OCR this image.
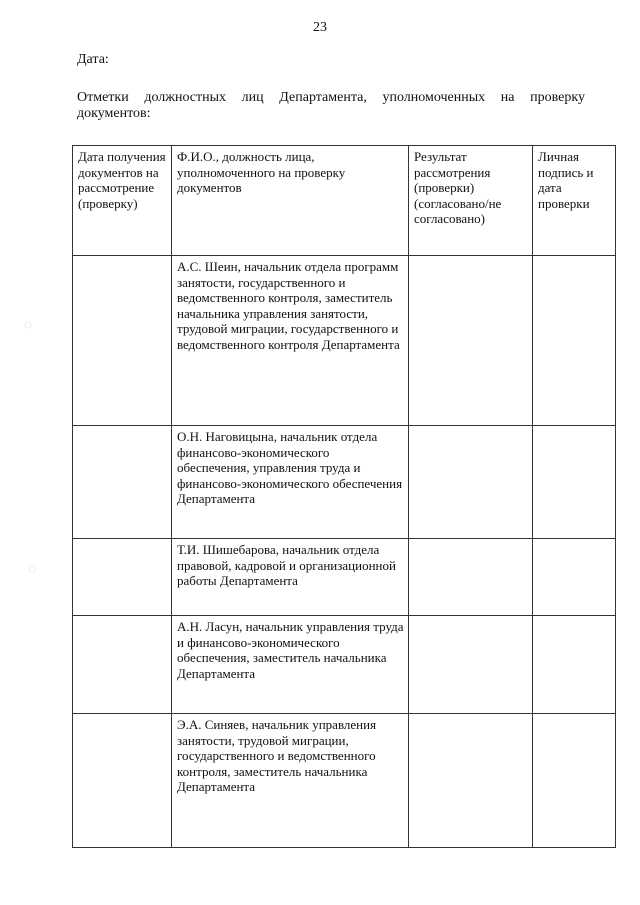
23
Дата:
Отметки должностных лиц Департамента, уполномоченных на проверку документов:
◌
◌
Дата получения документов на рассмотрение (проверку)	Ф.И.О., должность лица, уполномоченного на проверку документов	Результат рассмотрения (проверки) (согласовано/не согласовано)	Личная подпись и дата проверки
	А.С. Шеин, начальник отдела программ занятости, государственного и ведомственного контроля, заместитель начальника управления занятости, трудовой миграции, государственного и ведомственного контроля Департамента		
	О.Н. Наговицына, начальник отдела финансово-экономического обеспечения, управления труда и финансово-экономического обеспечения Департамента		
	Т.И. Шишебарова, начальник отдела правовой, кадровой и организационной работы Департамента		
	А.Н. Ласун, начальник управления труда и финансово-экономического обеспечения, заместитель начальника Департамента		
	Э.А. Синяев, начальник управления занятости, трудовой миграции, государственного и ведомственного контроля, заместитель начальника Департамента		
